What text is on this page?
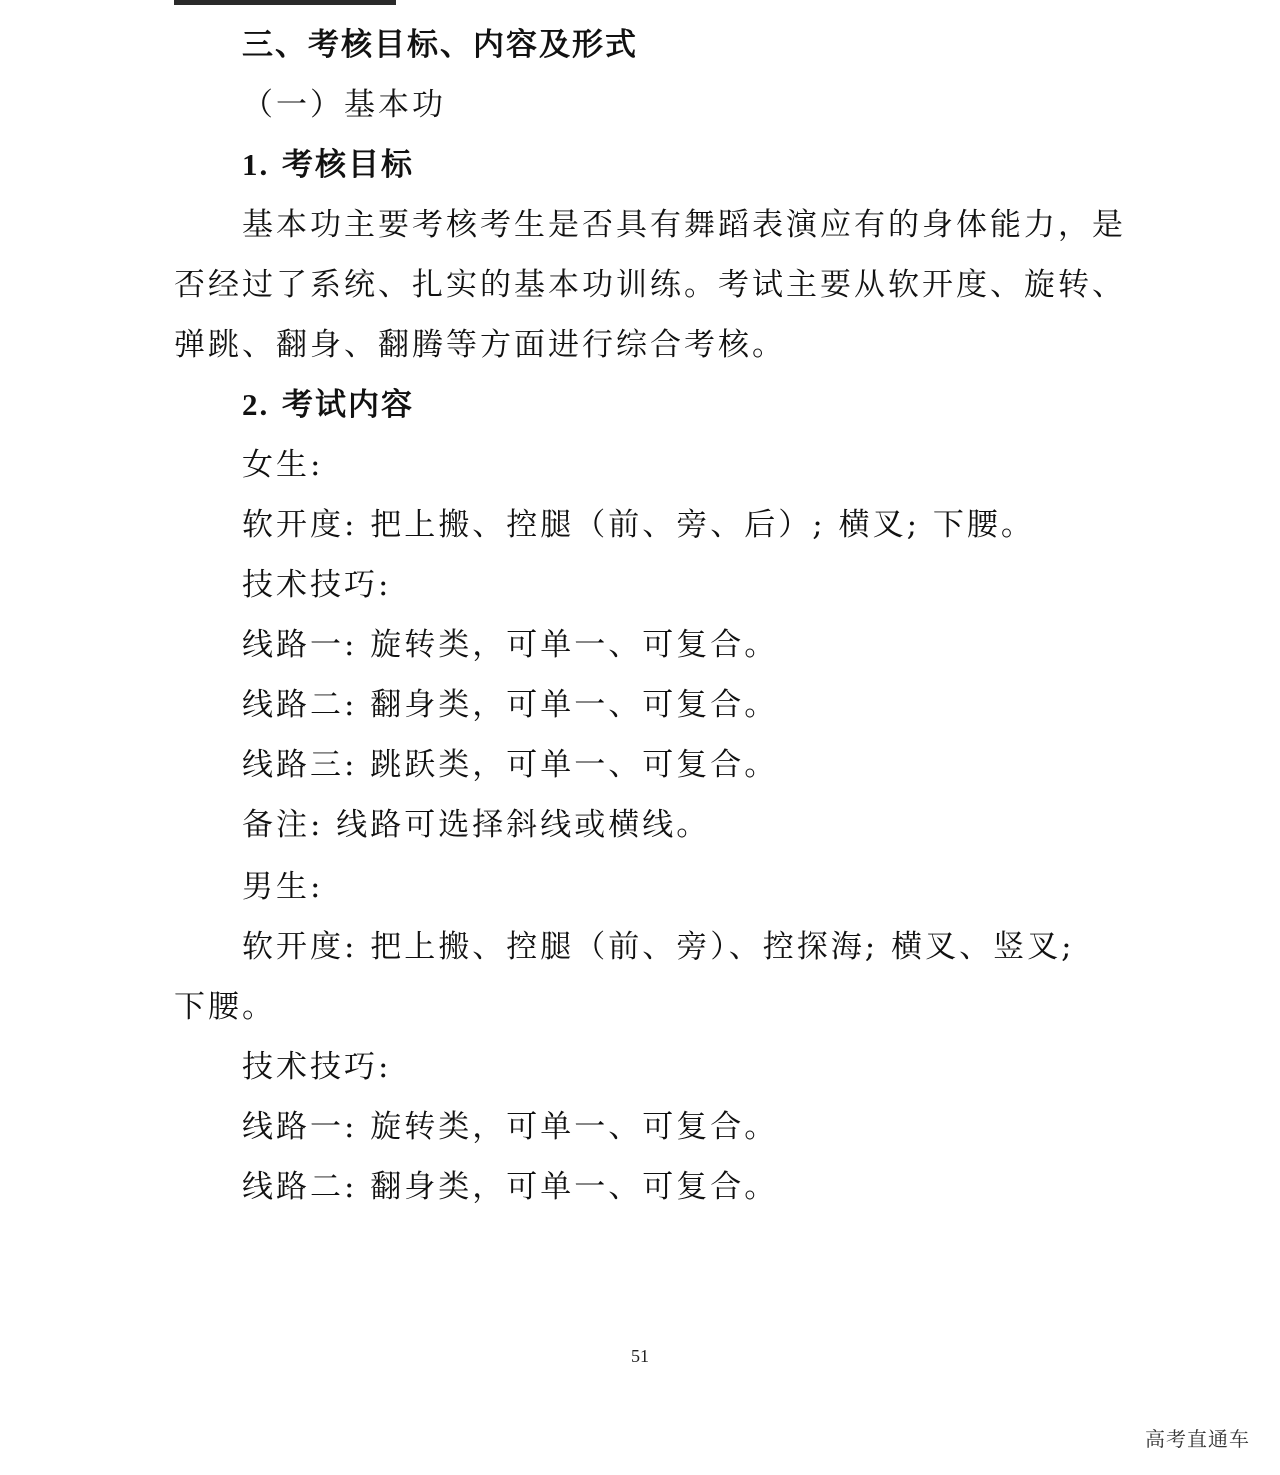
三、考核目标、内容及形式
（一）基本功
1. 考核目标
基本功主要考核考生是否具有舞蹈表演应有的身体能力，是
否经过了系统、扎实的基本功训练。考试主要从软开度、旋转、
弹跳、翻身、翻腾等方面进行综合考核。
2. 考试内容
女生:
软开度: 把上搬、控腿（前、旁、后）; 横叉; 下腰。
技术技巧:
线路一: 旋转类，可单一、可复合。
线路二: 翻身类，可单一、可复合。
线路三: 跳跃类，可单一、可复合。
备注: 线路可选择斜线或横线。
男生:
软开度: 把上搬、控腿（前、旁）、控探海; 横叉、竖叉;
下腰。
技术技巧:
线路一: 旋转类，可单一、可复合。
线路二: 翻身类，可单一、可复合。
51
高考直通车
